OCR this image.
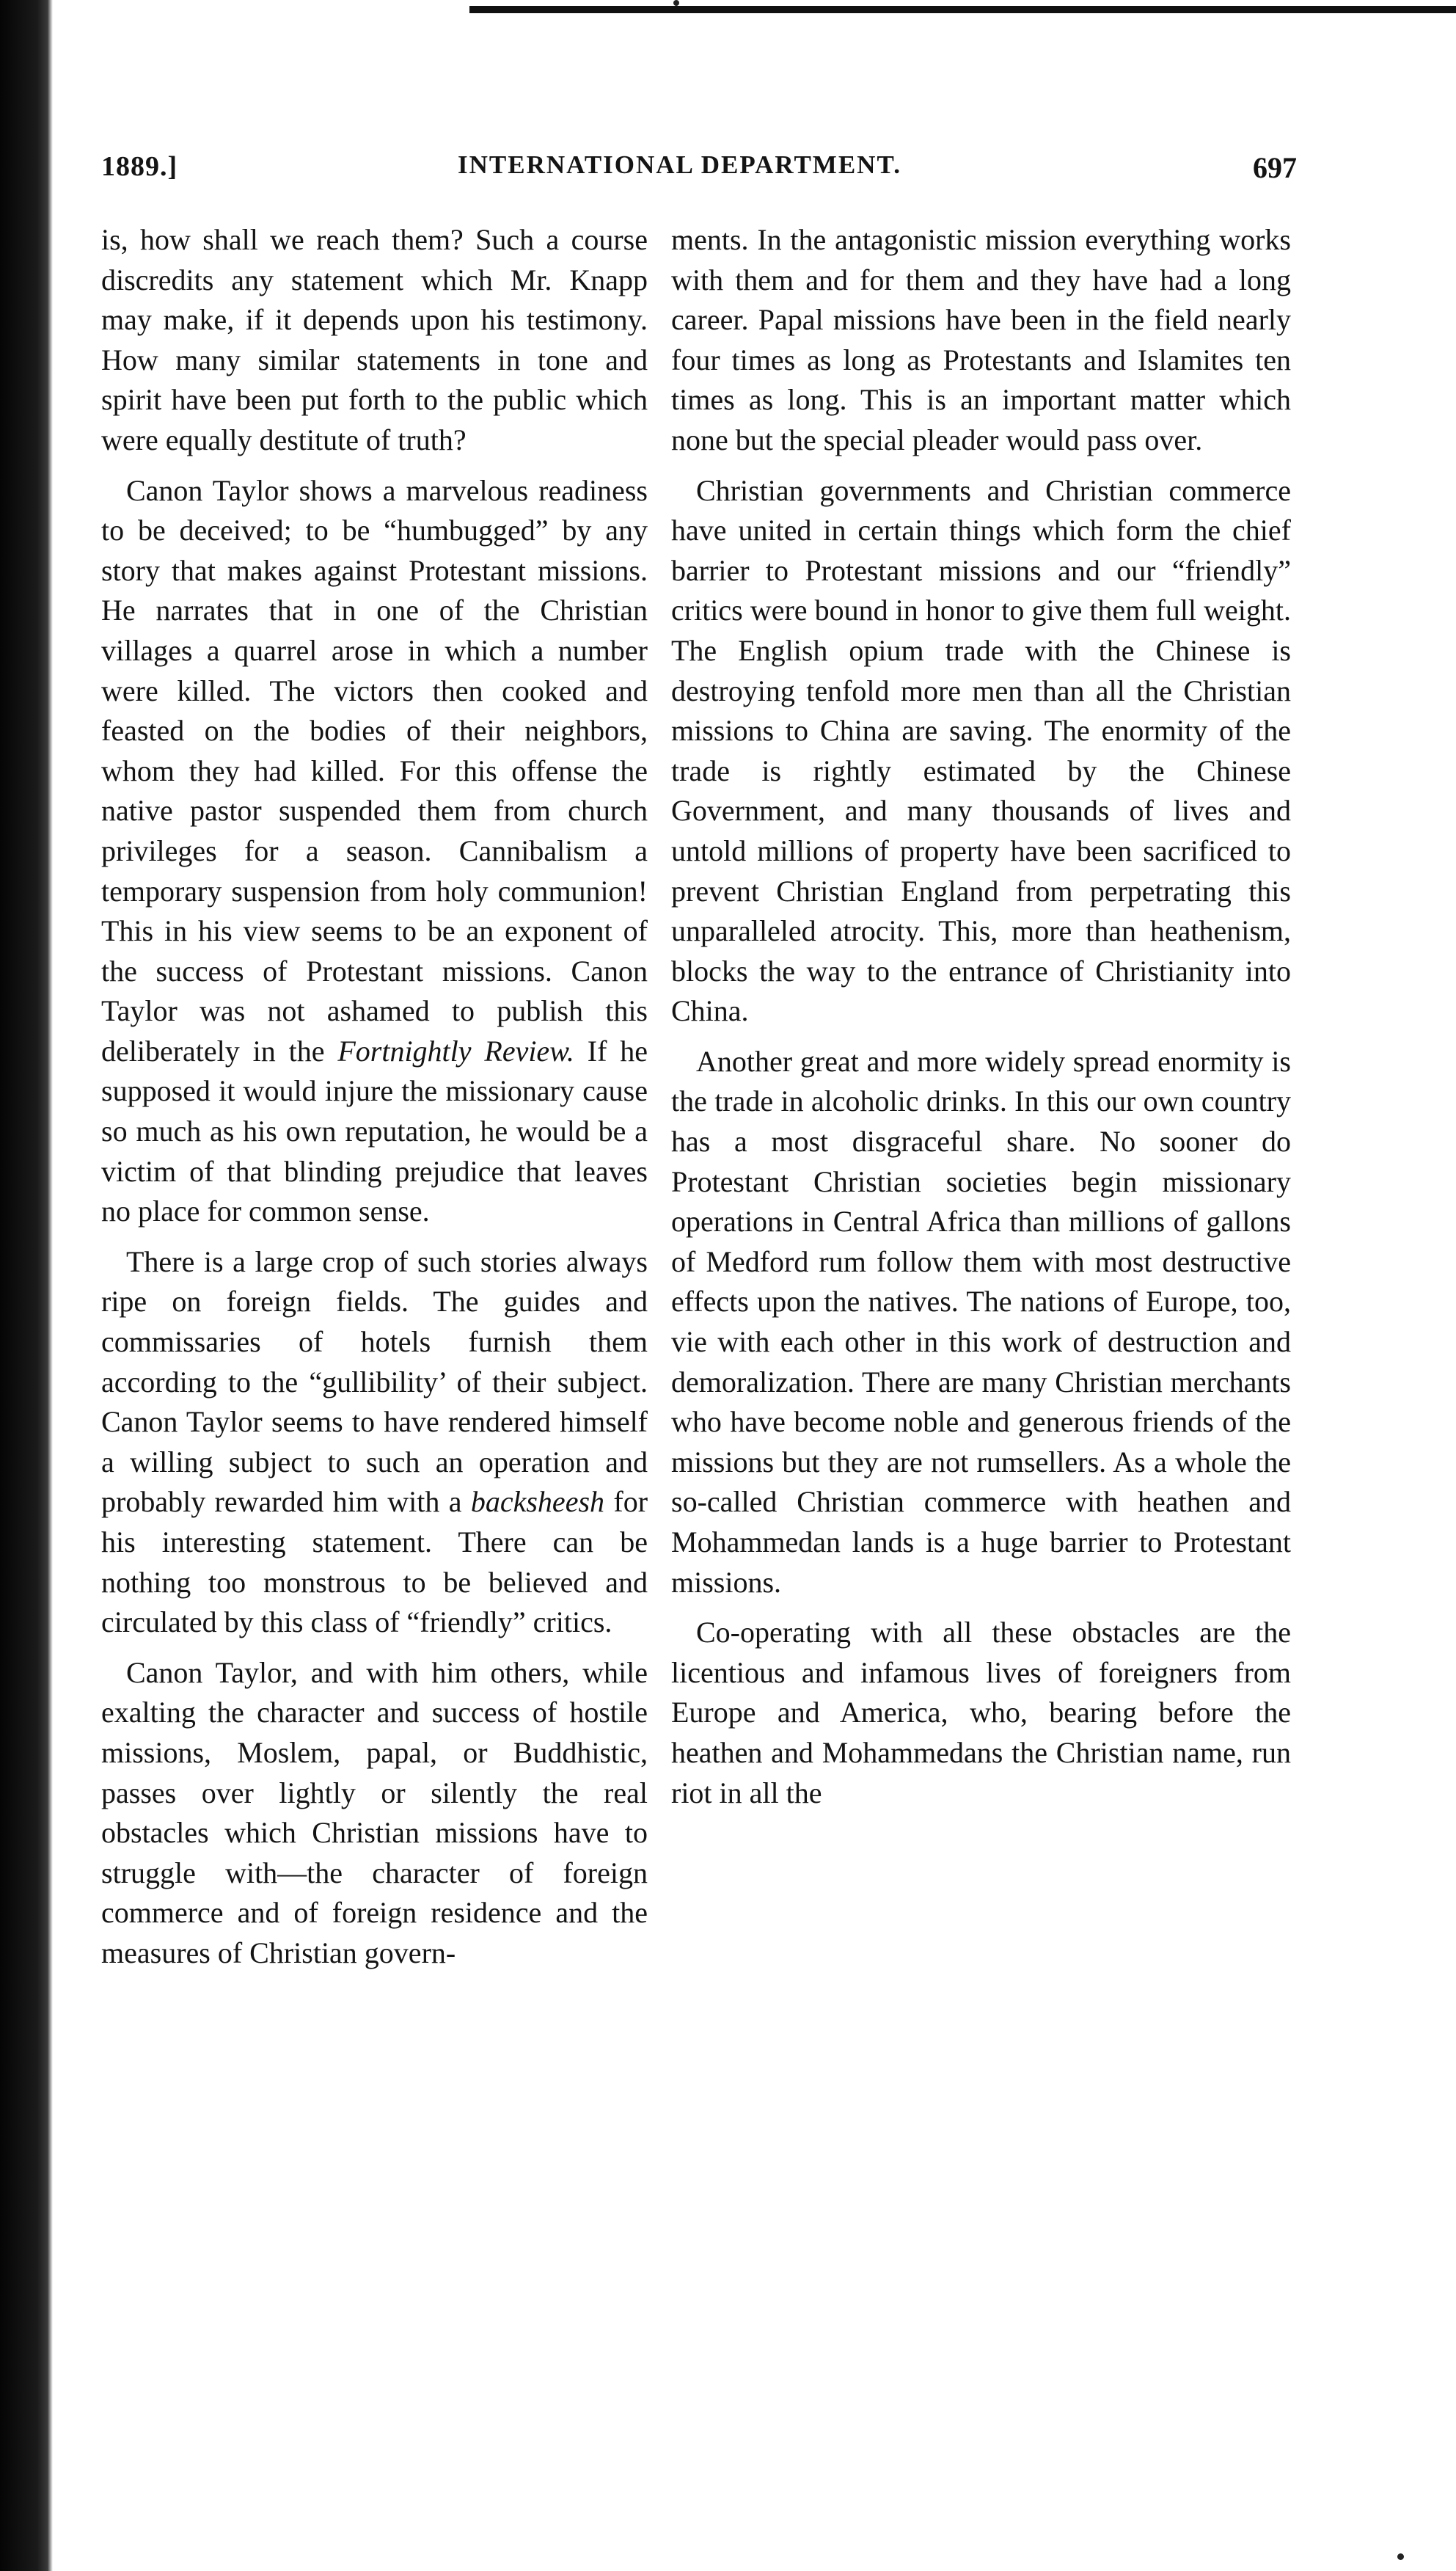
1889.]	INTERNATIONAL DEPARTMENT.	697

is, how shall we reach them? Such a course discredits any statement which Mr. Knapp may make, if it depends upon his testimony. How many similar statements in tone and spirit have been put forth to the public which were equally destitute of truth?

Canon Taylor shows a marvelous readiness to be deceived; to be “humbugged” by any story that makes against Protestant missions. He narrates that in one of the Christian villages a quarrel arose in which a number were killed. The victors then cooked and feasted on the bodies of their neighbors, whom they had killed. For this offense the native pastor suspended them from church privileges for a season. Cannibalism a temporary suspension from holy communion! This in his view seems to be an exponent of the success of Protestant missions. Canon Taylor was not ashamed to publish this deliberately in the Fortnightly Review. If he supposed it would injure the missionary cause so much as his own reputation, he would be a victim of that blinding prejudice that leaves no place for common sense.

There is a large crop of such stories always ripe on foreign fields. The guides and commissaries of hotels furnish them according to the “gullibility’ of their subject. Canon Taylor seems to have rendered himself a willing subject to such an operation and probably rewarded him with a backsheesh for his interesting statement. There can be nothing too monstrous to be believed and circulated by this class of “friendly” critics.

Canon Taylor, and with him others, while exalting the character and success of hostile missions, Moslem, papal, or Buddhistic, passes over lightly or silently the real obstacles which Christian missions have to struggle with—the character of foreign commerce and of foreign residence and the measures of Christian govern-

ments. In the antagonistic mission everything works with them and for them and they have had a long career. Papal missions have been in the field nearly four times as long as Protestants and Islamites ten times as long. This is an important matter which none but the special pleader would pass over.

Christian governments and Christian commerce have united in certain things which form the chief barrier to Protestant missions and our “friendly” critics were bound in honor to give them full weight. The English opium trade with the Chinese is destroying tenfold more men than all the Christian missions to China are saving. The enormity of the trade is rightly estimated by the Chinese Government, and many thousands of lives and untold millions of property have been sacrificed to prevent Christian England from perpetrating this unparalleled atrocity. This, more than heathenism, blocks the way to the entrance of Christianity into China.

Another great and more widely spread enormity is the trade in alcoholic drinks. In this our own country has a most disgraceful share. No sooner do Protestant Christian societies begin missionary operations in Central Africa than millions of gallons of Medford rum follow them with most destructive effects upon the natives. The nations of Europe, too, vie with each other in this work of destruction and demoralization. There are many Christian merchants who have become noble and generous friends of the missions but they are not rumsellers. As a whole the so-called Christian commerce with heathen and Mohammedan lands is a huge barrier to Protestant missions.

Co-operating with all these obstacles are the licentious and infamous lives of foreigners from Europe and America, who, bearing before the heathen and Mohammedans the Christian name, run riot in all the
